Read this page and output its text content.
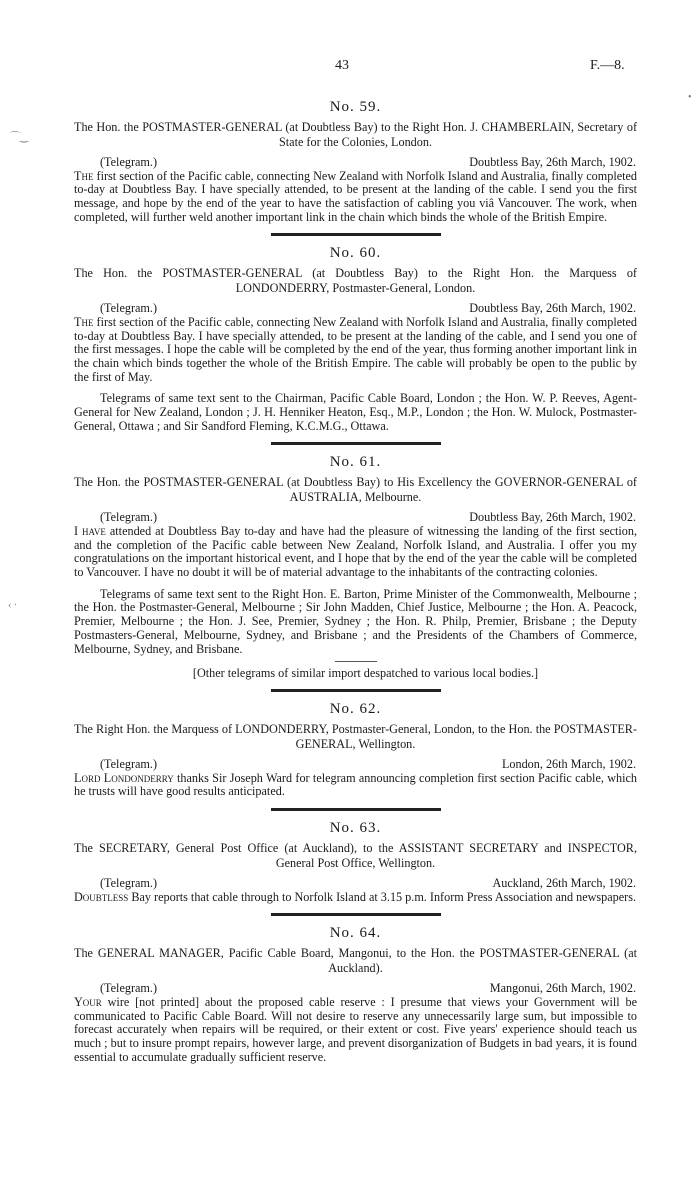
43	F.—8.
⌒‿
‹ ·
•

No. 59.

The Hon. the POSTMASTER-GENERAL (at Doubtless Bay) to the Right Hon. J. CHAMBERLAIN, Secretary of State for the Colonies, London.

(Telegram.)	Doubtless Bay, 26th March, 1902.

The first section of the Pacific cable, connecting New Zealand with Norfolk Island and Australia, finally completed to-day at Doubtless Bay. I have specially attended, to be present at the landing of the cable. I send you the first message, and hope by the end of the year to have the satisfaction of cabling you viâ Vancouver. The work, when completed, will further weld another important link in the chain which binds the whole of the British Empire.

No. 60.

The Hon. the POSTMASTER-GENERAL (at Doubtless Bay) to the Right Hon. the Marquess of LONDONDERRY, Postmaster-General, London.

(Telegram.)	Doubtless Bay, 26th March, 1902.

The first section of the Pacific cable, connecting New Zealand with Norfolk Island and Australia, finally completed to-day at Doubtless Bay. I have specially attended, to be present at the landing of the cable, and I send you one of the first messages. I hope the cable will be completed by the end of the year, thus forming another important link in the chain which binds together the whole of the British Empire. The cable will probably be open to the public by the first of May.

Telegrams of same text sent to the Chairman, Pacific Cable Board, London ; the Hon. W. P. Reeves, Agent-General for New Zealand, London ; J. H. Henniker Heaton, Esq., M.P., London ; the Hon. W. Mulock, Postmaster-General, Ottawa ; and Sir Sandford Fleming, K.C.M.G., Ottawa.

No. 61.

The Hon. the POSTMASTER-GENERAL (at Doubtless Bay) to His Excellency the GOVERNOR-GENERAL of AUSTRALIA, Melbourne.

(Telegram.)	Doubtless Bay, 26th March, 1902.

I have attended at Doubtless Bay to-day and have had the pleasure of witnessing the landing of the first section, and the completion of the Pacific cable between New Zealand, Norfolk Island, and Australia. I offer you my congratulations on the important historical event, and I hope that by the end of the year the cable will be completed to Vancouver. I have no doubt it will be of material advantage to the inhabitants of the contracting colonies.

Telegrams of same text sent to the Right Hon. E. Barton, Prime Minister of the Commonwealth, Melbourne ; the Hon. the Postmaster-General, Melbourne ; Sir John Madden, Chief Justice, Melbourne ; the Hon. A. Peacock, Premier, Melbourne ; the Hon. J. See, Premier, Sydney ; the Hon. R. Philp, Premier, Brisbane ; the Deputy Postmasters-General, Melbourne, Sydney, and Brisbane ; and the Presidents of the Chambers of Commerce, Melbourne, Sydney, and Brisbane.

[Other telegrams of similar import despatched to various local bodies.]

No. 62.

The Right Hon. the Marquess of LONDONDERRY, Postmaster-General, London, to the Hon. the POSTMASTER-GENERAL, Wellington.

(Telegram.)	London, 26th March, 1902.

Lord Londonderry thanks Sir Joseph Ward for telegram announcing completion first section Pacific cable, which he trusts will have good results anticipated.

No. 63.

The SECRETARY, General Post Office (at Auckland), to the ASSISTANT SECRETARY and INSPECTOR, General Post Office, Wellington.

(Telegram.)	Auckland, 26th March, 1902.

Doubtless Bay reports that cable through to Norfolk Island at 3.15 p.m. Inform Press Association and newspapers.

No. 64.

The GENERAL MANAGER, Pacific Cable Board, Mangonui, to the Hon. the POSTMASTER-GENERAL (at Auckland).

(Telegram.)	Mangonui, 26th March, 1902.

Your wire [not printed] about the proposed cable reserve : I presume that views your Government will be communicated to Pacific Cable Board. Will not desire to reserve any unnecessarily large sum, but impossible to forecast accurately when repairs will be required, or their extent or cost. Five years' experience should teach us much ; but to insure prompt repairs, however large, and prevent disorganization of Budgets in bad years, it is found essential to accumulate gradually sufficient reserve.
